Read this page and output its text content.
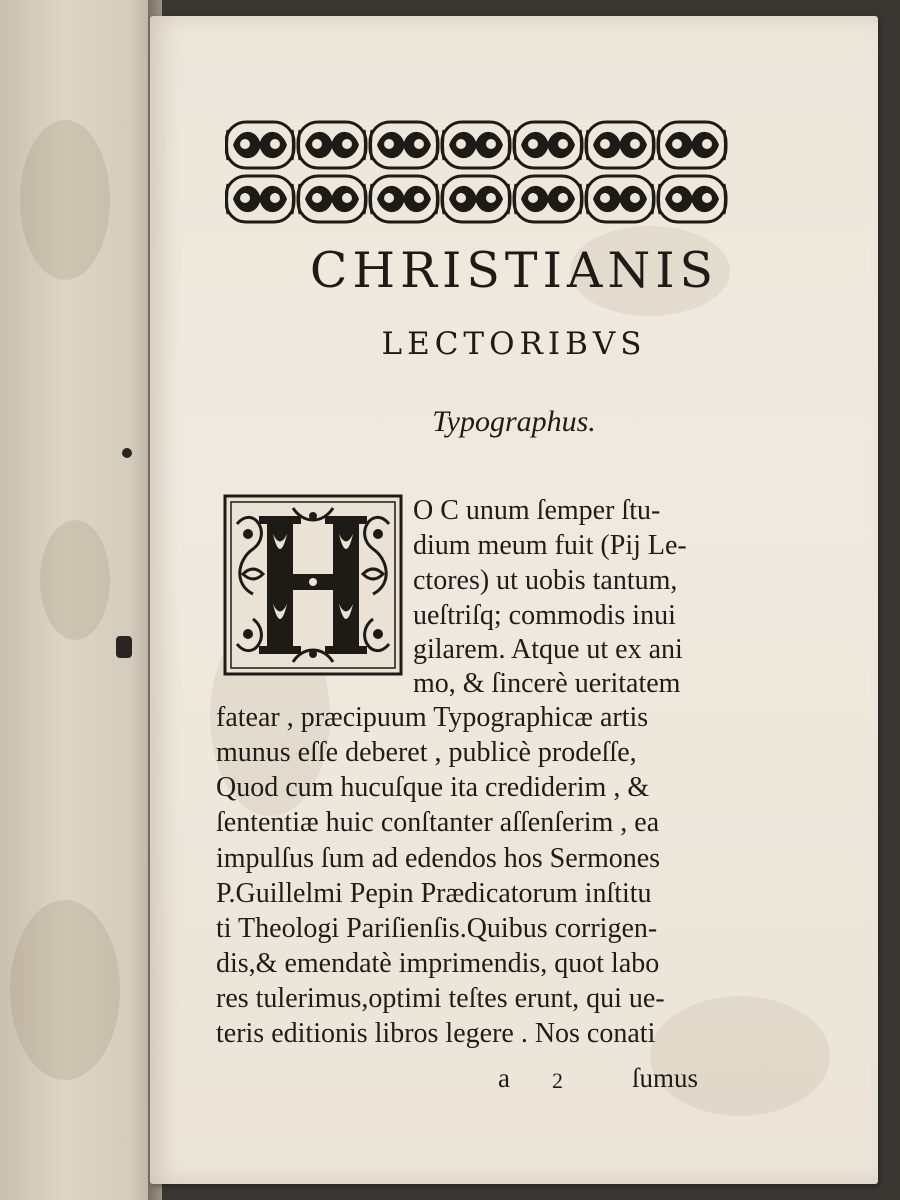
CHRISTIANIS
LECTORIBVS
Typographus.
O C unum ſemper ſtu-
dium meum fuit (Pij Le-
ctores) ut uobis tantum,
ueſtriſq; commodis inui
gilarem. Atque ut ex ani
mo, & ſincerè ueritatem
fatear , præcipuum Typographicæ artis
munus eſſe deberet , publicè prodeſſe,
Quod cum hucuſque ita crediderim , &
ſententiæ huic conſtanter aſſenſerim , ea
impulſus ſum ad edendos hos Sermones
P.Guillelmi Pepin Prædicatorum inſtitu
ti Theologi Pariſienſis.Quibus corrigen-
dis,& emendatè imprimendis, quot labo
res tulerimus,optimi teſtes erunt, qui ue-
teris editionis libros legere . Nos conati
a 2	ſumus
